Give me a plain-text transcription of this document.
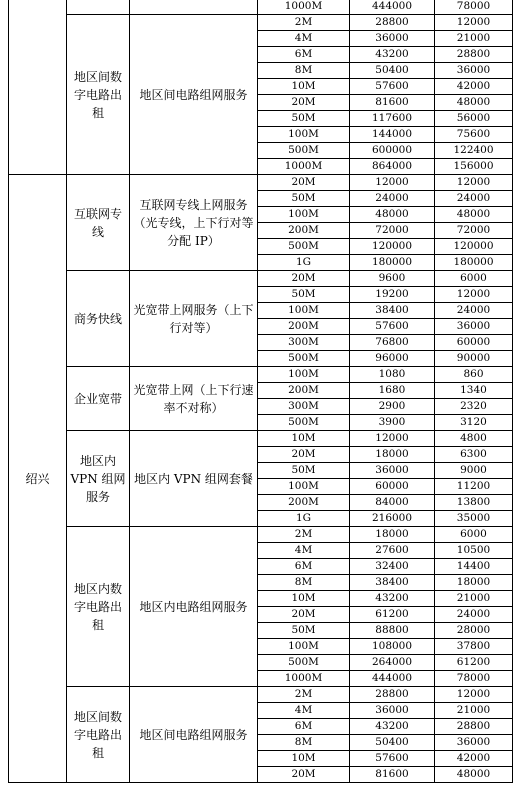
			1000M	444000	78000
	地区间数字电路出租	地区间电路组网服务	2M	28800	12000
			4M	36000	21000
			6M	43200	28800
			8M	50400	36000
			10M	57600	42000
			20M	81600	48000
			50M	117600	56000
			100M	144000	75600
			500M	600000	122400
			1000M	864000	156000
绍兴	互联网专线	互联网专线上网服务（光专线，上下行对等分配 IP）	20M	12000	12000
			50M	24000	24000
			100M	48000	48000
			200M	72000	72000
			500M	120000	120000
			1G	180000	180000
	商务快线	光宽带上网服务（上下行对等）	20M	9600	6000
			50M	19200	12000
			100M	38400	24000
			200M	57600	36000
			300M	76800	60000
			500M	96000	90000
	企业宽带	光宽带上网（上下行速率不对称）	100M	1080	860
			200M	1680	1340
			300M	2900	2320
			500M	3900	3120
	地区内 VPN 组网服务	地区内 VPN 组网套餐	10M	12000	4800
			20M	18000	6300
			50M	36000	9000
			100M	60000	11200
			200M	84000	13800
			1G	216000	35000
	地区内数字电路出租	地区内电路组网服务	2M	18000	6000
			4M	27600	10500
			6M	32400	14400
			8M	38400	18000
			10M	43200	21000
			20M	61200	24000
			50M	88800	28000
			100M	108000	37800
			500M	264000	61200
			1000M	444000	78000
	地区间数字电路出租	地区间电路组网服务	2M	28800	12000
			4M	36000	21000
			6M	43200	28800
			8M	50400	36000
			10M	57600	42000
			20M	81600	48000
